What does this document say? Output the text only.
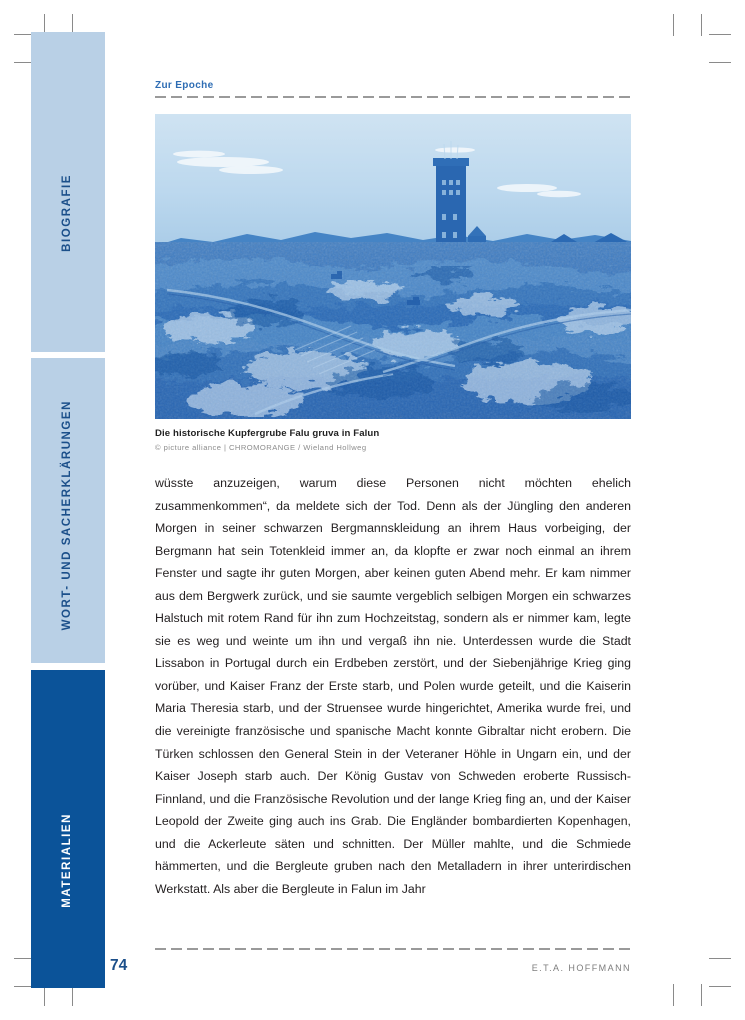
BIOGRAFIE
WORT- UND SACHERKLÄRUNGEN
MATERIALIEN
Zur Epoche
Die historische Kupfergrube Falu gruva in Falun
© picture alliance | CHROMORANGE / Wieland Hollweg
wüsste anzuzeigen, warum diese Personen nicht möchten ehelich zusammenkommen“, da meldete sich der Tod. Denn als der Jüngling den anderen Morgen in seiner schwarzen Bergmannskleidung an ihrem Haus vorbeiging, der Bergmann hat sein Totenkleid immer an, da klopfte er zwar noch einmal an ihrem Fenster und sagte ihr guten Morgen, aber keinen guten Abend mehr. Er kam nimmer aus dem Bergwerk zurück, und sie saumte vergeblich selbigen Morgen ein schwarzes Halstuch mit rotem Rand für ihn zum Hochzeitstag, sondern als er nimmer kam, legte sie es weg und weinte um ihn und vergaß ihn nie. Unterdessen wurde die Stadt Lissabon in Portugal durch ein Erdbeben zerstört, und der Siebenjährige Krieg ging vorüber, und Kaiser Franz der Erste starb, und Polen wurde geteilt, und die Kaiserin Maria Theresia starb, und der Struensee wurde hingerichtet, Amerika wurde frei, und die vereinigte französische und spanische Macht konnte Gibraltar nicht erobern. Die Türken schlossen den General Stein in der Veteraner Höhle in Ungarn ein, und der Kaiser Joseph starb auch. Der König Gustav von Schweden eroberte Russisch-Finnland, und die Französische Revolution und der lange Krieg fing an, und der Kaiser Leopold der Zweite ging auch ins Grab. Die Engländer bombardierten Kopenhagen, und die Ackerleute säten und schnitten. Der Müller mahlte, und die Schmiede hämmerten, und die Bergleute gruben nach den Metalladern in ihrer unterirdischen Werkstatt. Als aber die Bergleute in Falun im Jahr
74	E.T.A. HOFFMANN
